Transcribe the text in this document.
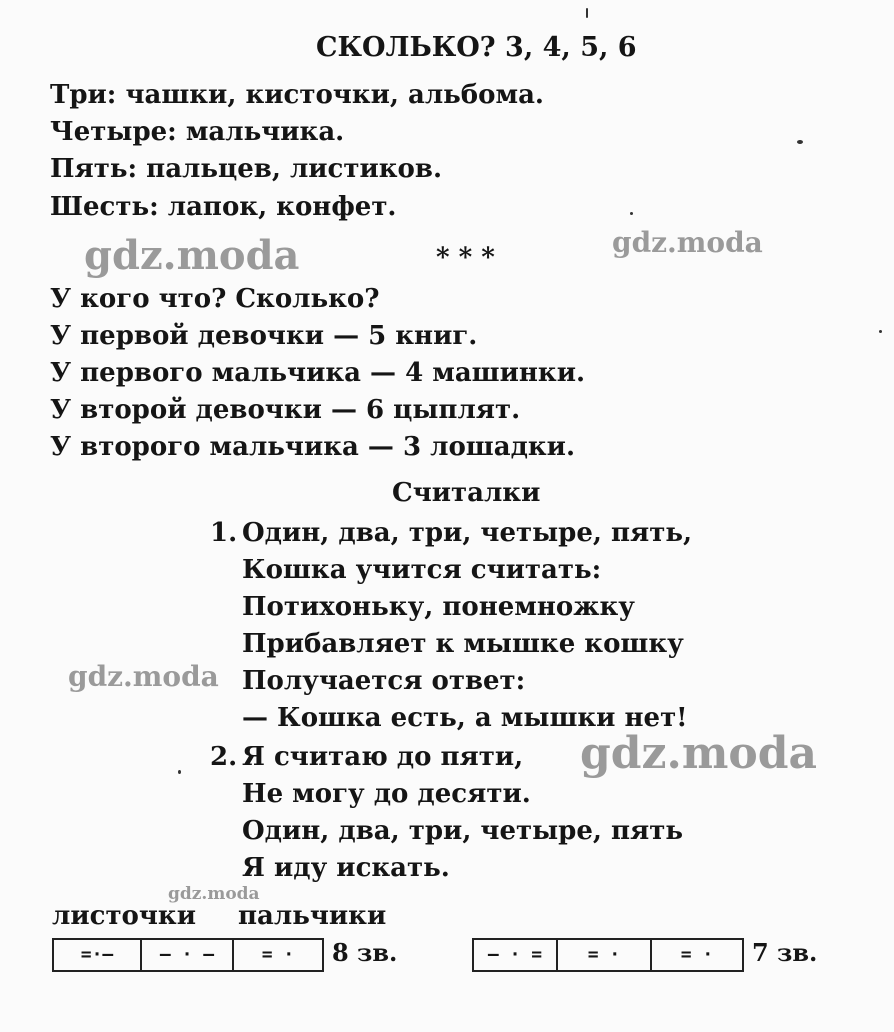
gdz.moda	gdz.moda
gdz.moda
gdz.moda
gdz.moda
СКОЛЬКО? 3, 4, 5, 6
Три: чашки, кисточки, альбома.
Четыре: мальчика.
Пять: пальцев, листиков.
Шесть: лапок, конфет.
* * *
У кого что? Сколько?
У первой девочки — 5 книг.
У первого мальчика — 4 машинки.
У второй девочки — 6 цыплят.
У второго мальчика — 3 лошадки.
Считалки
1. Один, два, три, четыре, пять,
Кошка учится считать:
Потихоньку, понемножку
Прибавляет к мышке кошку
Получается ответ:
— Кошка есть, а мышки нет!
2. Я считаю до пяти,
Не могу до десяти.
Один, два, три, четыре, пять
Я иду искать.
листочки пальчики
=·–	– · –	= ·	8 зв.	– · =	= ·	= ·	7 зв.
